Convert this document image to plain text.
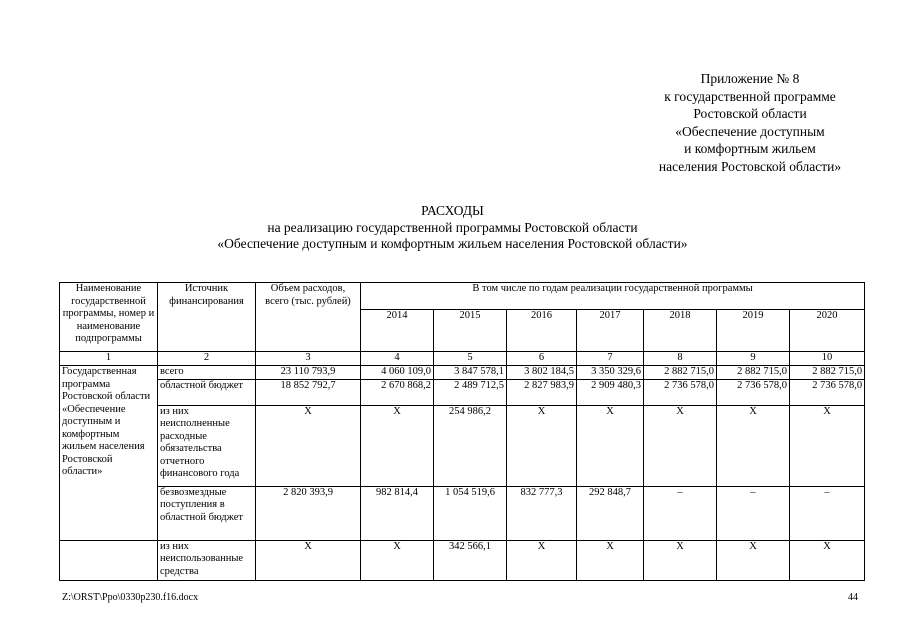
Приложение № 8
к государственной программе
Ростовской области
«Обеспечение доступным
и комфортным жильем
населения Ростовской области»
РАСХОДЫ
на реализацию государственной программы Ростовской области
«Обеспечение доступным и комфортным жильем населения Ростовской области»
Наименование государственной программы, номер и наименование подпрограммы	Источник финансирования	Объем расходов, всего (тыс. рублей)	В том числе по годам реализации государственной программы						
			2014	2015	2016	2017	2018	2019	2020
1	2	3	4	5	6	7	8	9	10
Государственная программа Ростовской области «Обеспечение доступным и комфортным жильем населения Ростовской области»	всего	23 110 793,9	4 060 109,0	3 847 578,1	3 802 184,5	3 350 329,6	2 882 715,0	2 882 715,0	2 882 715,0
	областной бюджет	18 852 792,7	2 670 868,2	2 489 712,5	2 827 983,9	2 909 480,3	2 736 578,0	2 736 578,0	2 736 578,0
	из них неисполненные расходные обязательства отчетного финансового года	Х	Х	254 986,2	Х	Х	Х	Х	Х
	безвозмездные поступления в областной бюджет	2 820 393,9	982 814,4	1 054 519,6	832 777,3	292 848,7	–	–	–
	из них неиспользованные средства	Х	Х	342 566,1	Х	Х	Х	Х	Х
Z:\ORST\Ppo\0330p230.f16.docx	44
